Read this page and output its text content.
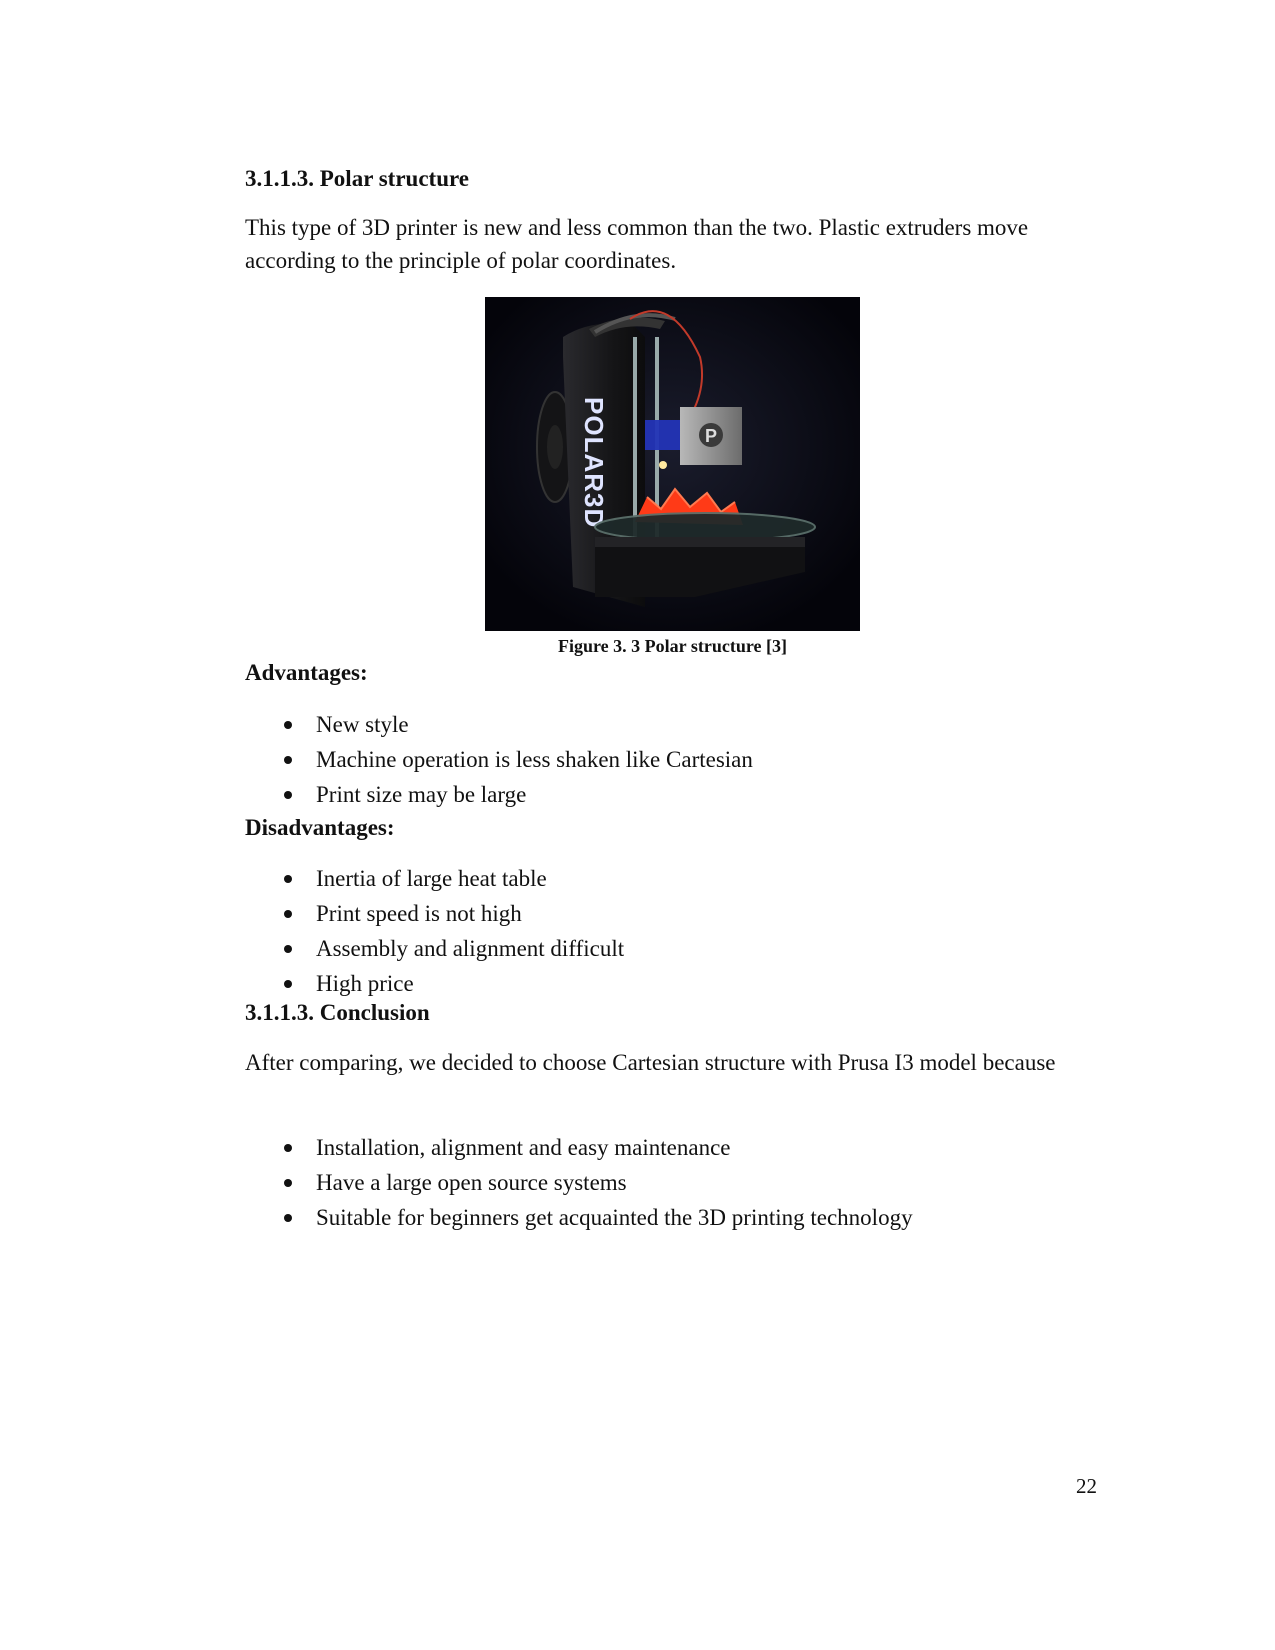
3.1.1.3. Polar structure

This type of 3D printer is new and less common than the two. Plastic extruders move according to the principle of polar coordinates.

POLAR3D	P

Figure 3. 3 Polar structure [3]

Advantages:
New style
Machine operation is less shaken like Cartesian
Print size may be large
Disadvantages:
Inertia of large heat table
Print speed is not high
Assembly and alignment difficult
High price
3.1.1.3. Conclusion

After comparing, we decided to choose Cartesian structure with Prusa I3 model because

Installation, alignment and easy maintenance
Have a large open source systems
Suitable for beginners get acquainted the 3D printing technology
22
